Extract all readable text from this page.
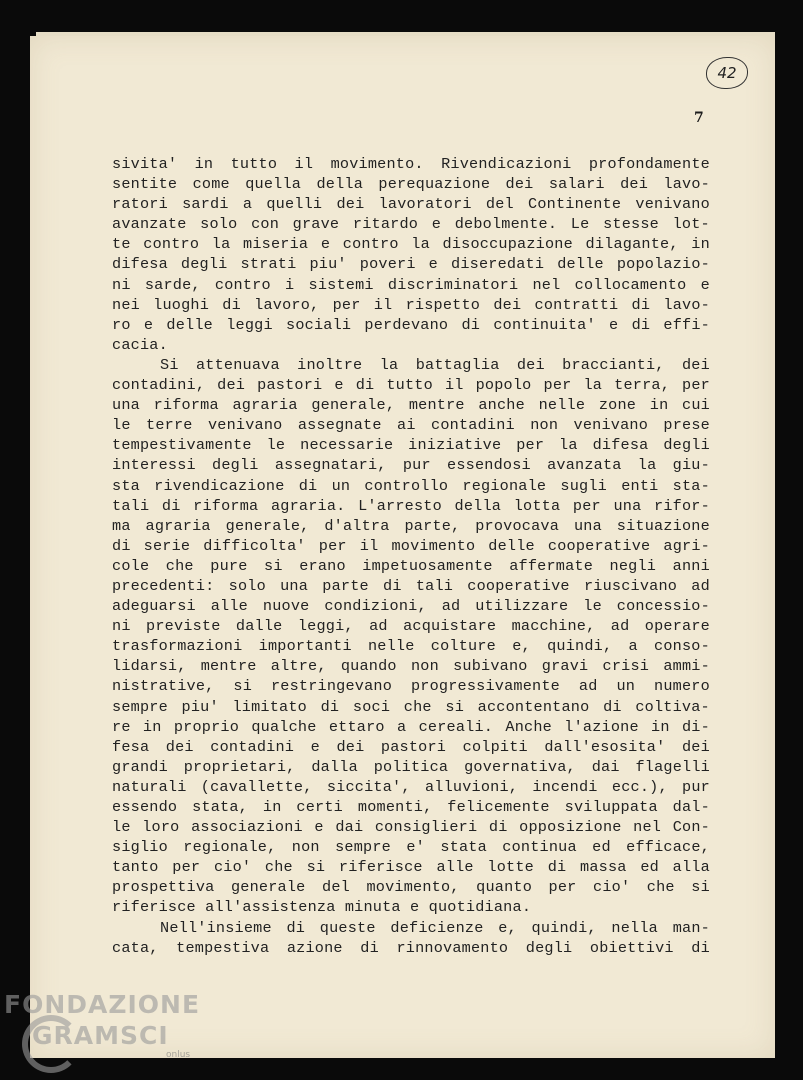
42
7
sivita' in tutto il movimento. Rivendicazioni profondamente
sentite come quella della perequazione dei salari dei lavo-
ratori sardi a quelli dei lavoratori del Continente venivano
avanzate solo con grave ritardo e debolmente. Le stesse lot-
te contro la miseria e contro la disoccupazione dilagante, in
difesa degli strati piu' poveri e diseredati delle popolazio-
ni sarde, contro i sistemi discriminatori nel collocamento e
nei luoghi di lavoro, per il rispetto dei contratti di lavo-
ro e delle leggi sociali perdevano di continuita' e di effi-
cacia.
Si attenuava inoltre la battaglia dei braccianti, dei
contadini, dei pastori e di tutto il popolo per la terra, per
una riforma agraria generale, mentre anche nelle zone in cui
le terre venivano assegnate ai contadini non venivano prese
tempestivamente le necessarie iniziative per la difesa degli
interessi degli assegnatari, pur essendosi avanzata la giu-
sta rivendicazione di un controllo regionale sugli enti sta-
tali di riforma agraria. L'arresto della lotta per una rifor-
ma agraria generale, d'altra parte, provocava una situazione
di serie difficolta' per il movimento delle cooperative agri-
cole che pure si erano impetuosamente affermate negli anni
precedenti: solo una parte di tali cooperative riuscivano ad
adeguarsi alle nuove condizioni, ad utilizzare le concessio-
ni previste dalle leggi, ad acquistare macchine, ad operare
trasformazioni importanti nelle colture e, quindi, a conso-
lidarsi, mentre altre, quando non subivano gravi crisi ammi-
nistrative, si restringevano progressivamente ad un numero
sempre piu' limitato di soci che si accontentano di coltiva-
re in proprio qualche ettaro a cereali. Anche l'azione in di-
fesa dei contadini e dei pastori colpiti dall'esosita' dei
grandi proprietari, dalla politica governativa, dai flagelli
naturali (cavallette, siccita', alluvioni, incendi ecc.), pur
essendo stata, in certi momenti, felicemente sviluppata dal-
le loro associazioni e dai consiglieri di opposizione nel Con-
siglio regionale, non sempre e' stata continua ed efficace,
tanto per cio' che si riferisce alle lotte di massa ed alla
prospettiva generale del movimento, quanto per cio' che si
riferisce all'assistenza minuta e quotidiana.
Nell'insieme di queste deficienze e, quindi, nella man-
cata, tempestiva azione di rinnovamento degli obiettivi di
FONDAZIONE
GRAMSCI
onlus
